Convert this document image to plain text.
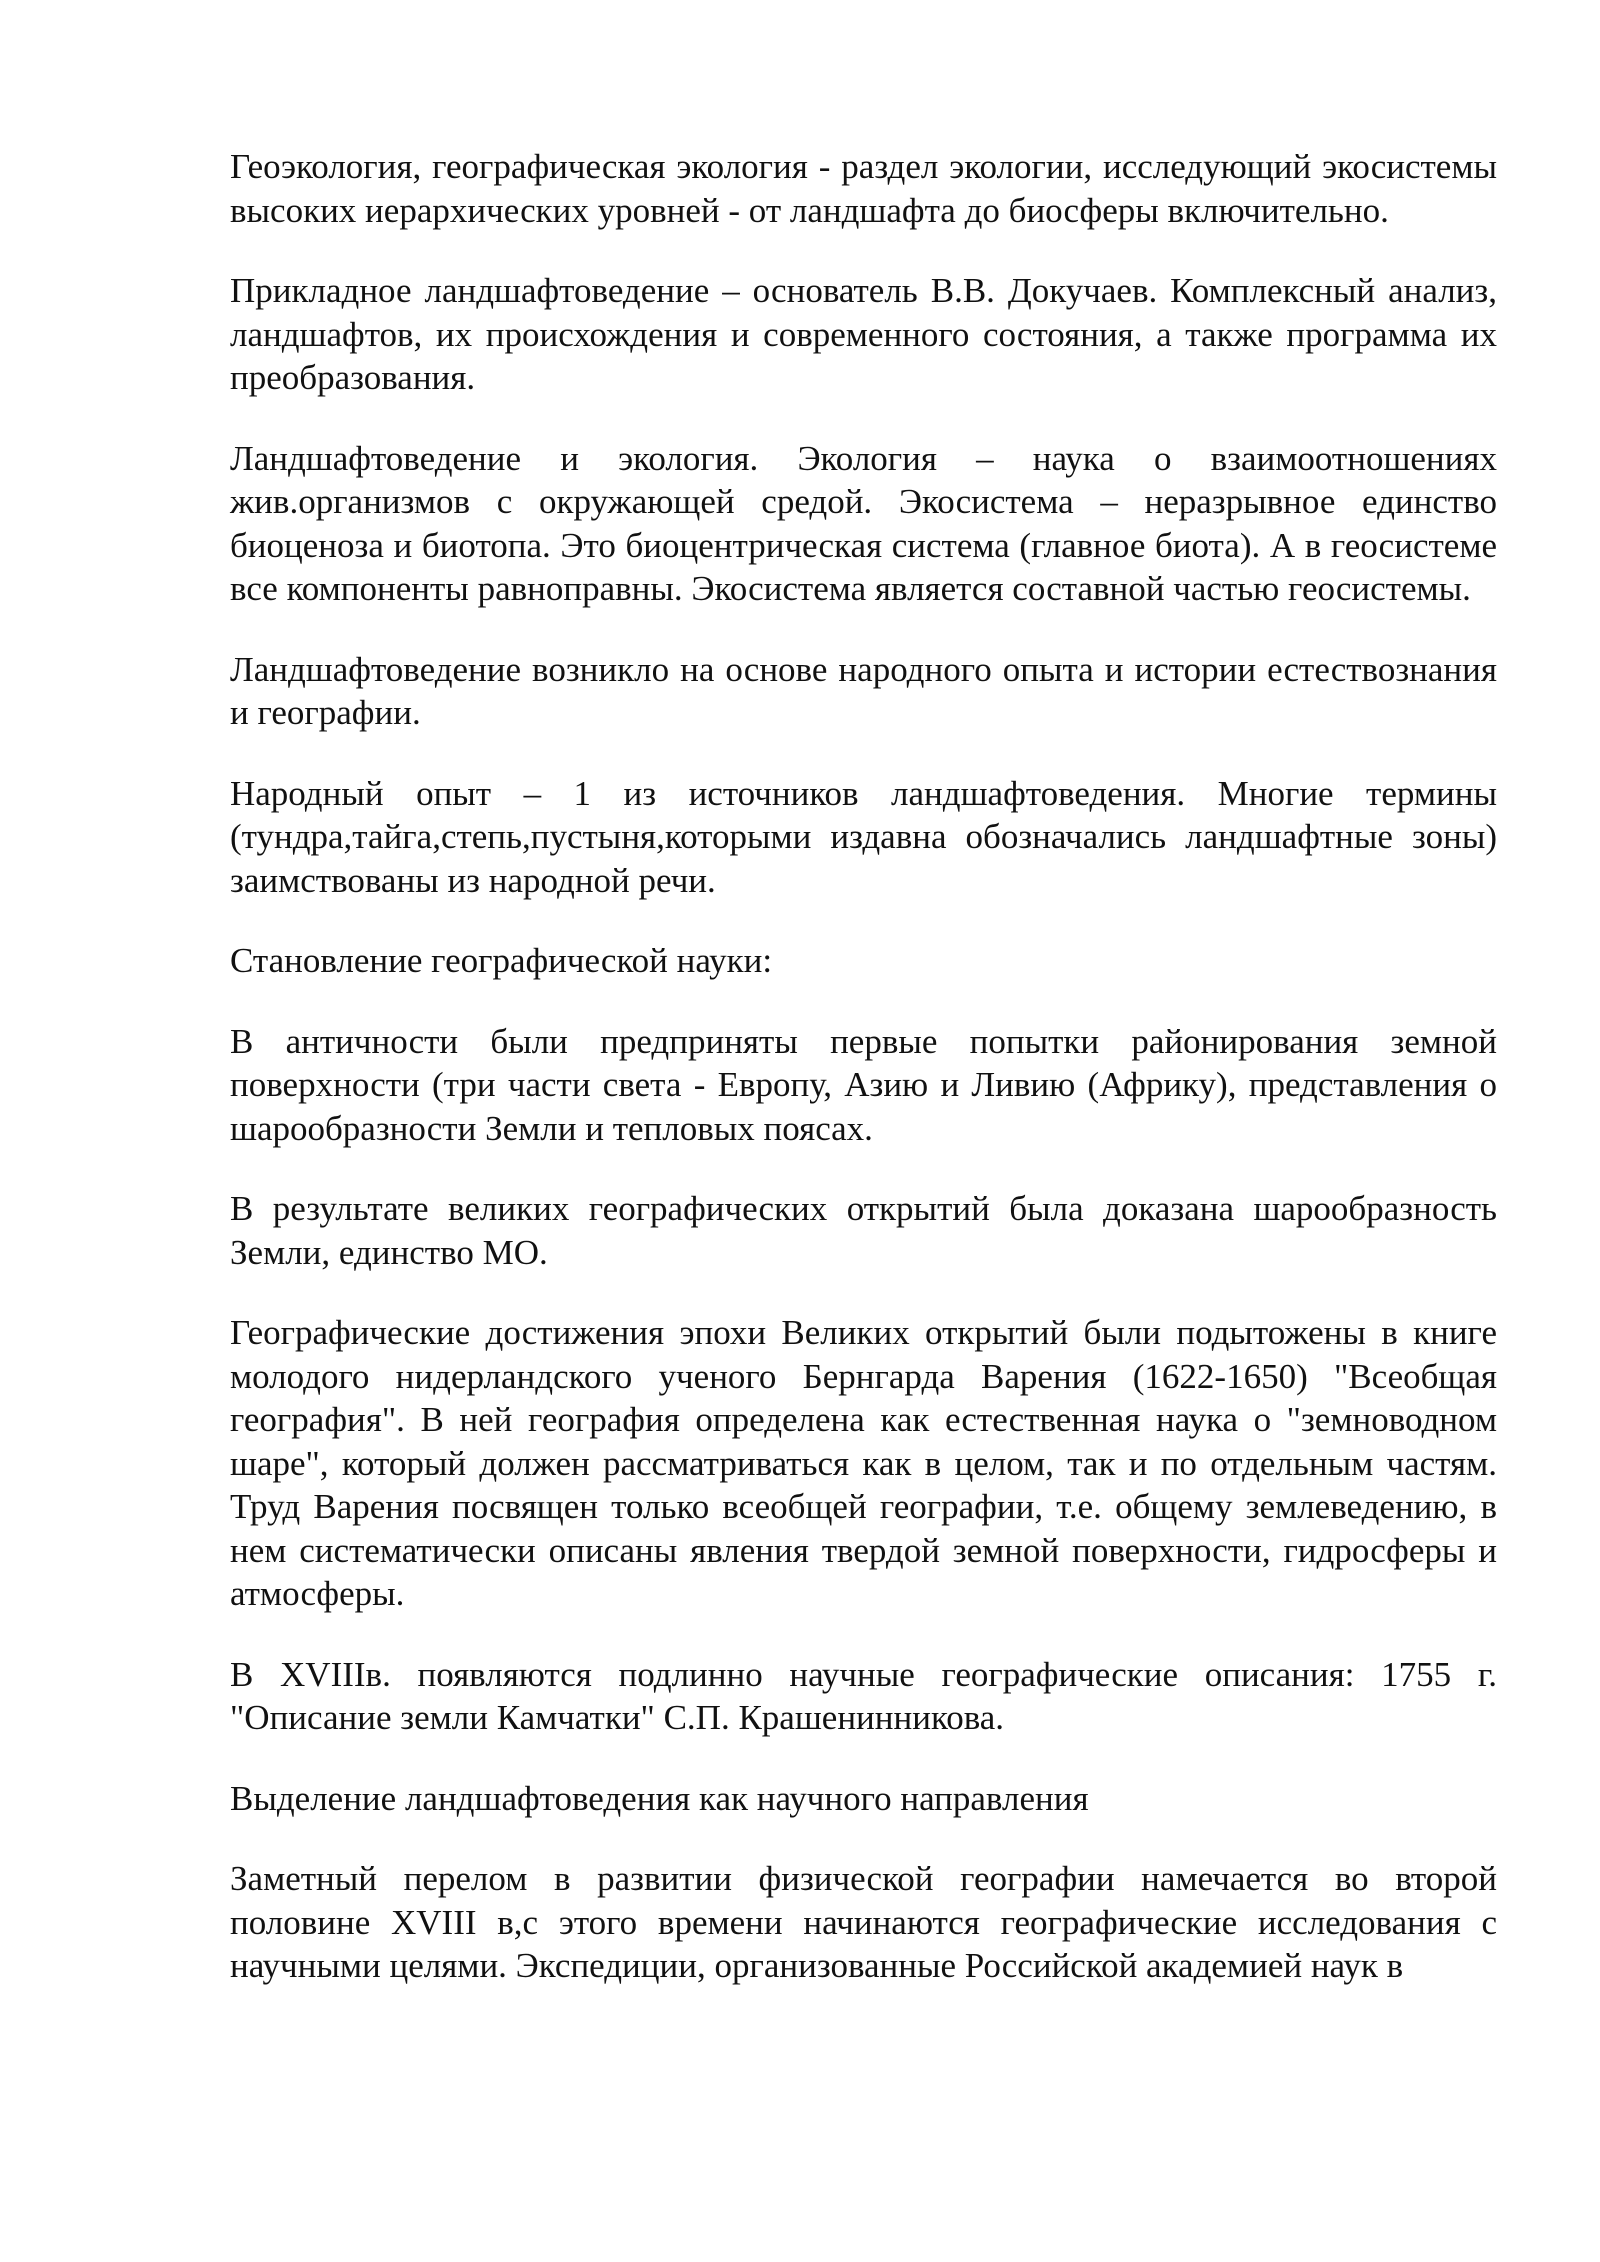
Геоэкология, географическая экология - раздел экологии, исследующий экосистемы высоких иерархических уровней - от ландшафта до биосферы включительно.

Прикладное ландшафтоведение – основатель В.В. Докучаев. Комплексный анализ, ландшафтов, их происхождения и современного состояния, а также программа их преобразования.

Ландшафтоведение и экология. Экология – наука о взаимоотношениях жив.организмов с окружающей средой. Экосистема – неразрывное единство биоценоза и биотопа. Это биоцентрическая система (главное биота). А в геосистеме все компоненты равноправны. Экосистема является составной частью геосистемы.

Ландшафтоведение возникло на основе народного опыта и истории естествознания и географии.

Народный опыт – 1 из источников ландшафтоведения. Многие термины (тундра,тайга,степь,пустыня,которыми издавна обозначались ландшафтные зоны) заимствованы из народной речи.

Становление географической науки:

В античности были предприняты первые попытки районирования земной поверхности (три части света - Европу, Азию и Ливию (Африку), представления о шарообразности Земли и тепловых поясах.

В результате великих географических открытий была доказана шарообразность Земли, единство МО.

Географические достижения эпохи Великих открытий были подытожены в книге молодого нидерландского ученого Бернгарда Варения (1622-1650) "Всеобщая география". В ней география определена как естественная наука о "земноводном шаре", который должен рассматриваться как в целом, так и по отдельным частям. Труд Варения посвящен только всеобщей географии, т.е. общему землеведению, в нем систематически описаны явления твердой земной поверхности, гидросферы и атмосферы.

В XVIIIв. появляются подлинно научные географические описания: 1755 г. "Описание земли Камчатки" С.П. Крашенинникова.

Выделение ландшафтоведения как научного направления

Заметный перелом в развитии физической географии намечается во второй половине XVIII в,с этого времени начинаются географические исследования с научными целями. Экспедиции, организованные Российской академией наук в
